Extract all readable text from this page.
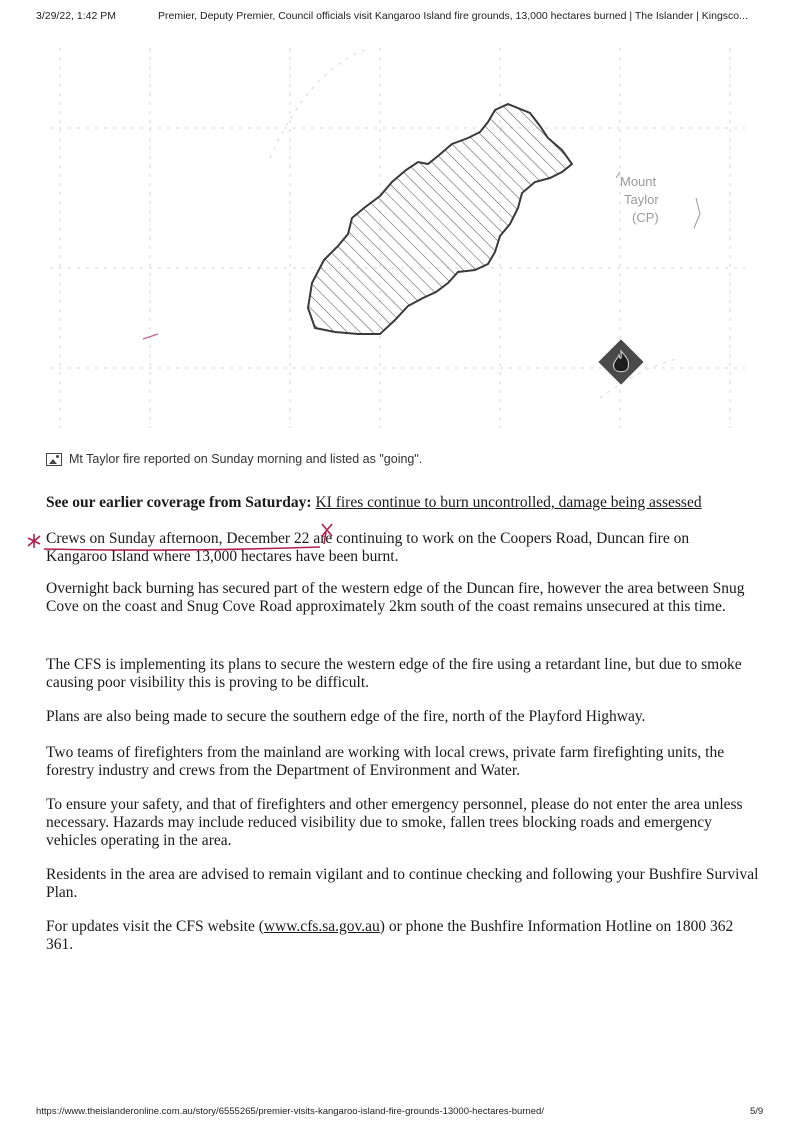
3/29/22, 1:42 PM	Premier, Deputy Premier, Council officials visit Kangaroo Island fire grounds, 13,000 hectares burned | The Islander | Kingsco...
Mount
Taylor
(CP)
Mt Taylor fire reported on Sunday morning and listed as "going".
See our earlier coverage from Saturday: KI fires continue to burn uncontrolled, damage being assessed
Crews on Sunday afternoon, December 22 are continuing to work on the Coopers Road, Duncan fire on
Kangaroo Island where 13,000 hectares have been burnt.
Overnight back burning has secured part of the western edge of the Duncan fire, however the area between Snug Cove on the coast and Snug Cove Road approximately 2km south of the coast remains unsecured at this time.
The CFS is implementing its plans to secure the western edge of the fire using a retardant line, but due to smoke causing poor visibility this is proving to be difficult.
Plans are also being made to secure the southern edge of the fire, north of the Playford Highway.
Two teams of firefighters from the mainland are working with local crews, private farm firefighting units, the forestry industry and crews from the Department of Environment and Water.
To ensure your safety, and that of firefighters and other emergency personnel, please do not enter the area unless necessary. Hazards may include reduced visibility due to smoke, fallen trees blocking roads and emergency vehicles operating in the area.
Residents in the area are advised to remain vigilant and to continue checking and following your Bushfire Survival Plan.
For updates visit the CFS website (www.cfs.sa.gov.au) or phone the Bushfire Information Hotline on 1800 362 361.
https://www.theislanderonline.com.au/story/6555265/premier-visits-kangaroo-island-fire-grounds-13000-hectares-burned/	5/9
